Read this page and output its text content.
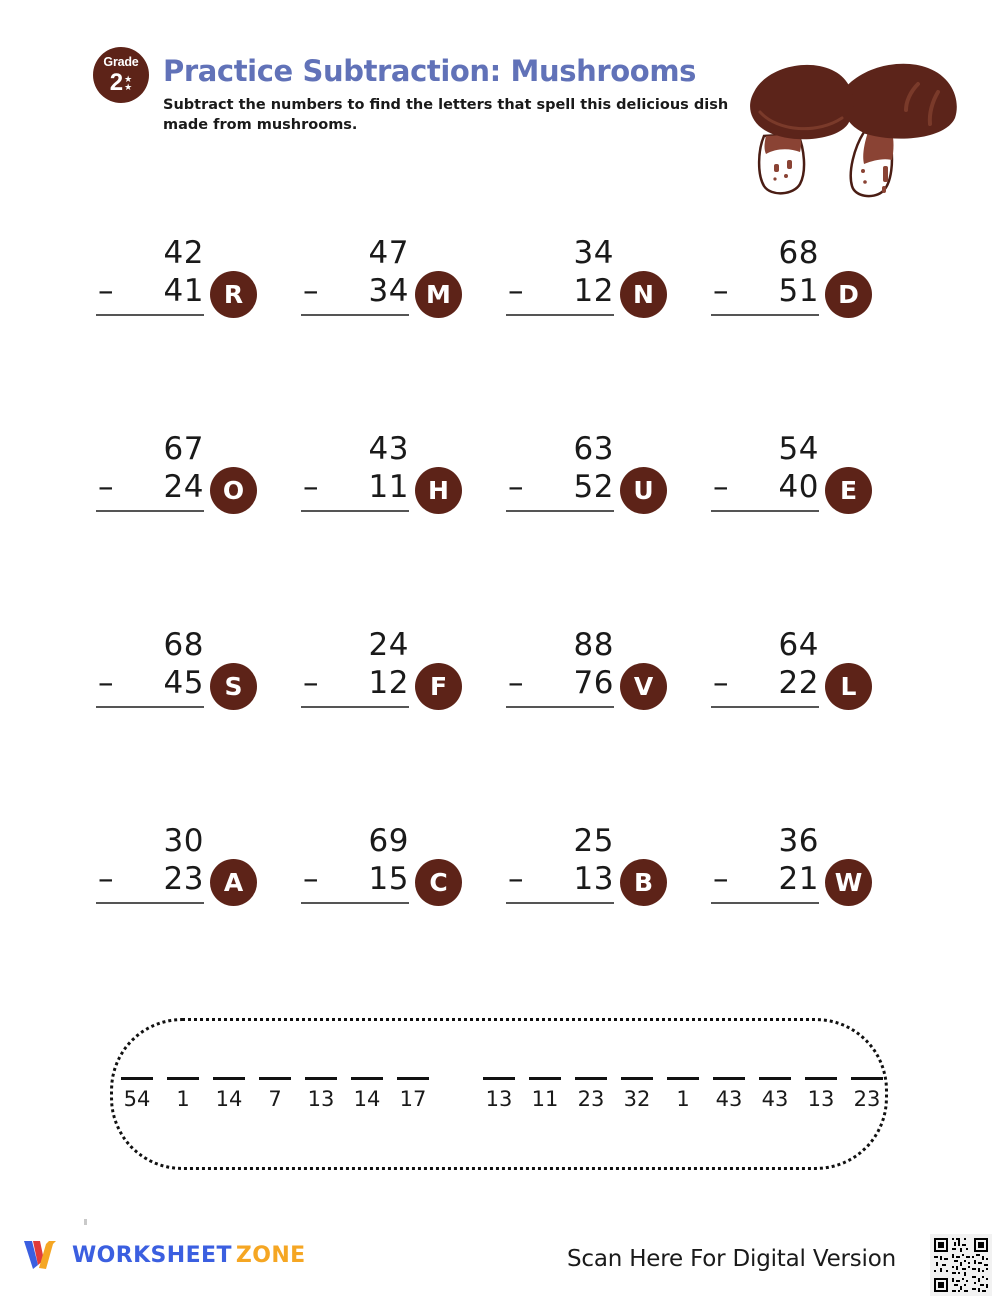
Grade
2★
★	Practice Subtraction: Mushrooms

Subtract the numbers to find the letters that spell this delicious dish made from mushrooms.

42
– 41 R
47
– 34 M
34
– 12 N
68
– 51 D
67
– 24 O
43
– 11 H
63
– 52 U
54
– 40 E
68
– 45 S
24
– 12 F
88
– 76 V
64
– 22 L
30
– 23 A
69
– 15 C
25
– 13 B
36
– 21 W
54	1	14	7	13 14 17	13 11 23 32	1	43 43 13 23
WORKSHEET ZONE	Scan Here For Digital Version
